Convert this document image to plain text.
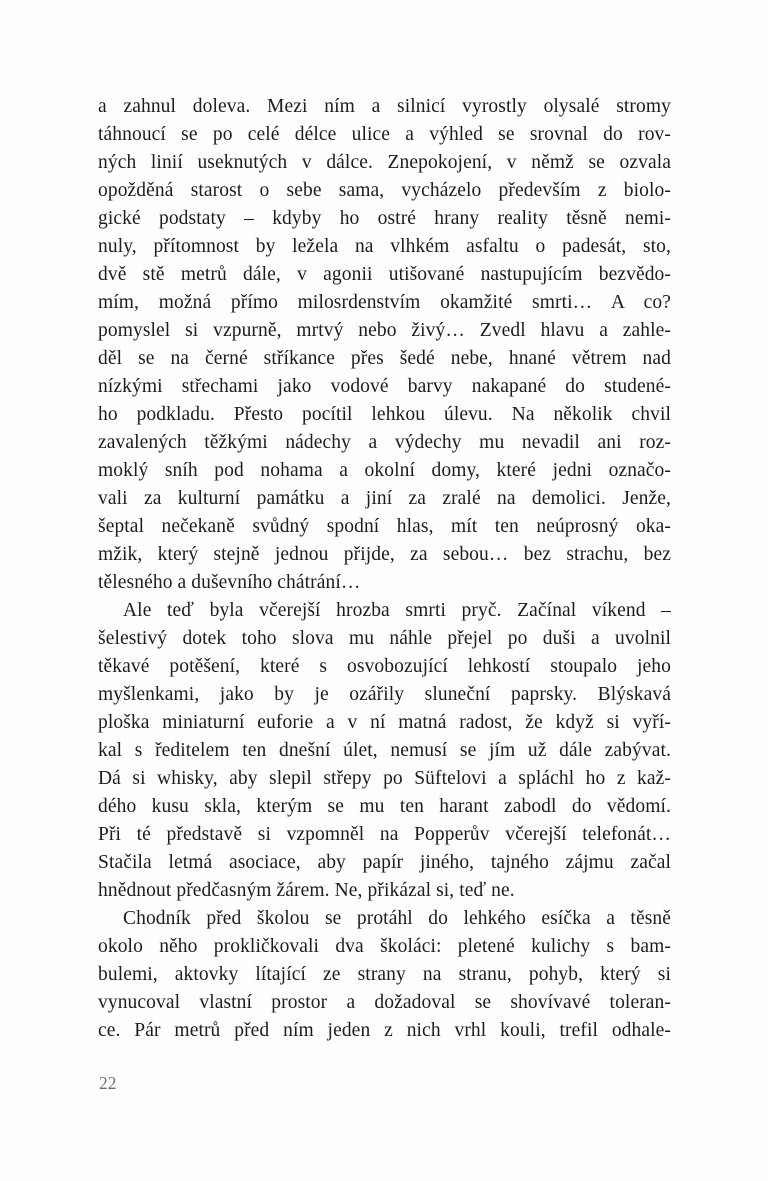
a zahnul doleva. Mezi ním a silnicí vyrostly olysalé stromy
táhnoucí se po celé délce ulice a výhled se srovnal do rov-
ných linií useknutých v dálce. Znepokojení, v němž se ozvala
opožděná starost o sebe sama, vycházelo především z biolo-
gické podstaty – kdyby ho ostré hrany reality těsně nemi-
nuly, přítomnost by ležela na vlhkém asfaltu o padesát, sto,
dvě stě metrů dále, v agonii utišované nastupujícím bezvědo-
mím, možná přímo milosrdenstvím okamžité smrti… A co?
pomyslel si vzpurně, mrtvý nebo živý… Zvedl hlavu a zahle-
děl se na černé stříkance přes šedé nebe, hnané větrem nad
nízkými střechami jako vodové barvy nakapané do studené-
ho podkladu. Přesto pocítil lehkou úlevu. Na několik chvil
zavalených těžkými nádechy a výdechy mu nevadil ani roz-
moklý sníh pod nohama a okolní domy, které jedni označo-
vali za kulturní památku a jiní za zralé na demolici. Jenže,
šeptal nečekaně svůdný spodní hlas, mít ten neúprosný oka-
mžik, který stejně jednou přijde, za sebou… bez strachu, bez
tělesného a duševního chátrání…
Ale teď byla včerejší hrozba smrti pryč. Začínal víkend –
šelestivý dotek toho slova mu náhle přejel po duši a uvolnil
těkavé potěšení, které s osvobozující lehkostí stoupalo jeho
myšlenkami, jako by je ozářily sluneční paprsky. Blýskavá
ploška miniaturní euforie a v ní matná radost, že když si vyří-
kal s ředitelem ten dnešní úlet, nemusí se jím už dále zabývat.
Dá si whisky, aby slepil střepy po Süftelovi a spláchl ho z kaž-
dého kusu skla, kterým se mu ten harant zabodl do vědomí.
Při té představě si vzpomněl na Popperův včerejší telefonát…
Stačila letmá asociace, aby papír jiného, tajného zájmu začal
hnědnout předčasným žárem. Ne, přikázal si, teď ne.
Chodník před školou se protáhl do lehkého esíčka a těsně
okolo něho prokličkovali dva školáci: pletené kulichy s bam-
bulemi, aktovky lítající ze strany na stranu, pohyb, který si
vynucoval vlastní prostor a dožadoval se shovívavé toleran-
ce. Pár metrů před ním jeden z nich vrhl kouli, trefil odhale-
22
